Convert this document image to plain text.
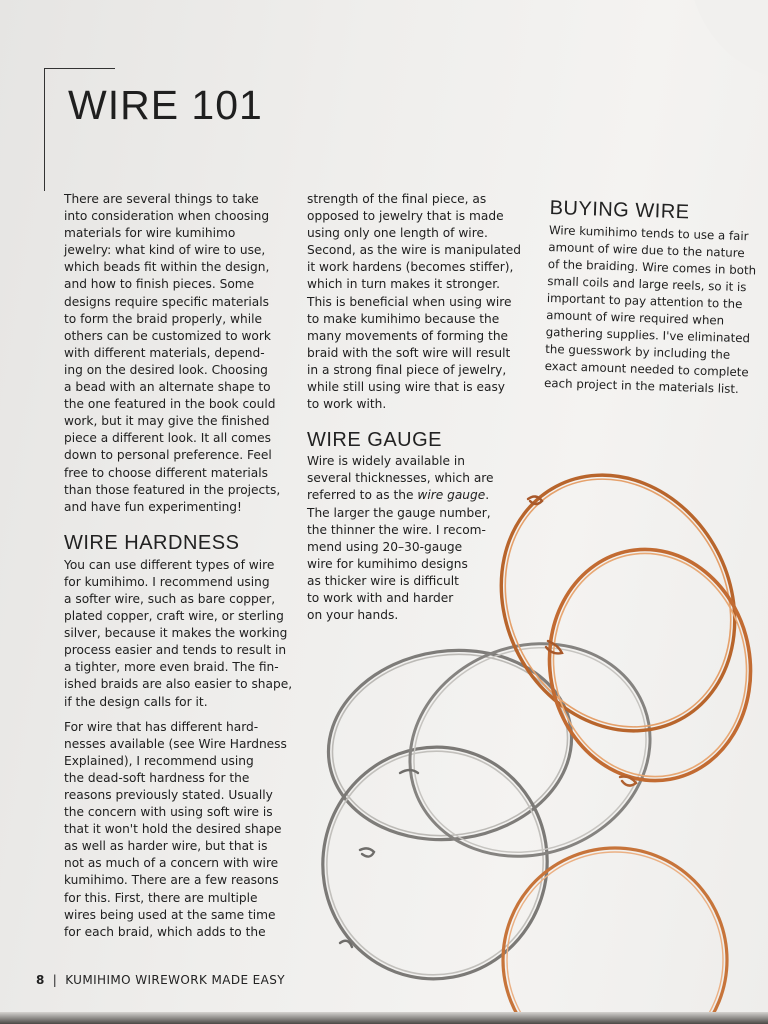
WIRE 101

There are several things to take
into consideration when choosing
materials for wire kumihimo
jewelry: what kind of wire to use,
which beads fit within the design,
and how to finish pieces. Some
designs require specific materials
to form the braid properly, while
others can be customized to work
with different materials, depend-
ing on the desired look. Choosing
a bead with an alternate shape to
the one featured in the book could
work, but it may give the finished
piece a different look. It all comes
down to personal preference. Feel
free to choose different materials
than those featured in the projects,
and have fun experimenting!

WIRE HARDNESS

You can use different types of wire
for kumihimo. I recommend using
a softer wire, such as bare copper,
plated copper, craft wire, or sterling
silver, because it makes the working
process easier and tends to result in
a tighter, more even braid. The fin-
ished braids are also easier to shape,
if the design calls for it.

For wire that has different hard-
nesses available (see Wire Hardness
Explained), I recommend using
the dead-soft hardness for the
reasons previously stated. Usually
the concern with using soft wire is
that it won't hold the desired shape
as well as harder wire, but that is
not as much of a concern with wire
kumihimo. There are a few reasons
for this. First, there are multiple
wires being used at the same time
for each braid, which adds to the

strength of the final piece, as
opposed to jewelry that is made
using only one length of wire.
Second, as the wire is manipulated
it work hardens (becomes stiffer),
which in turn makes it stronger.
This is beneficial when using wire
to make kumihimo because the
many movements of forming the
braid with the soft wire will result
in a strong final piece of jewelry,
while still using wire that is easy
to work with.

WIRE GAUGE

Wire is widely available in
several thicknesses, which are
referred to as the wire gauge.
The larger the gauge number,
the thinner the wire. I recom-
mend using 20–30-gauge
wire for kumihimo designs
as thicker wire is difficult
to work with and harder
on your hands.

BUYING WIRE

Wire kumihimo tends to use a fair
amount of wire due to the nature
of the braiding. Wire comes in both
small coils and large reels, so it is
important to pay attention to the
amount of wire required when
gathering supplies. I've eliminated
the guesswork by including the
exact amount needed to complete
each project in the materials list.

8 | KUMIHIMO WIREWORK MADE EASY
